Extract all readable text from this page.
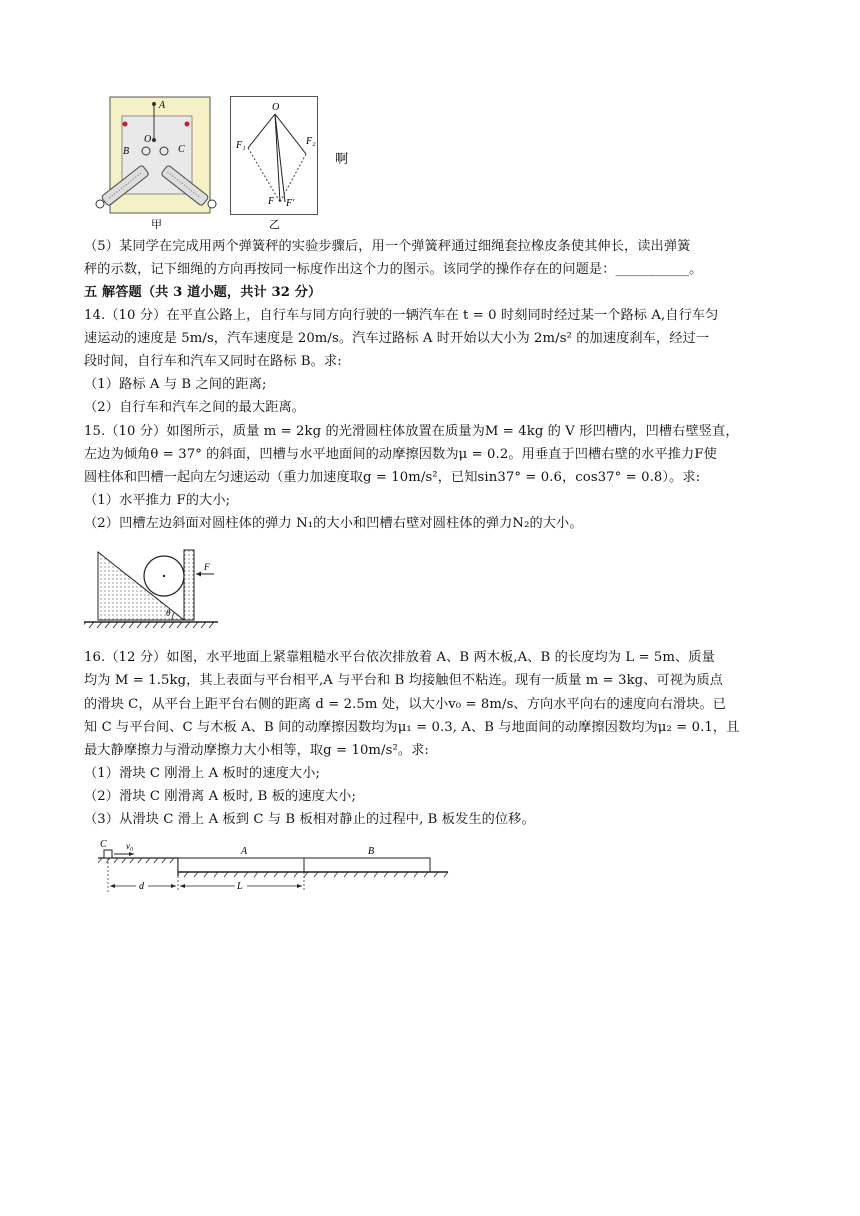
A
O
B	C
甲
O
F₁	F₂
F F′
乙
啊
（5）某同学在完成用两个弹簧秤的实验步骤后，用一个弹簧秤通过细绳套拉橡皮条使其伸长，读出弹簧
秤的示数，记下细绳的方向再按同一标度作出这个力的图示。该同学的操作存在的问题是：___________。
五 解答题（共 3 道小题，共计 32 分）
14.（10 分）在平直公路上，自行车与同方向行驶的一辆汽车在 t = 0 时刻同时经过某一个路标 A,自行车匀
速运动的速度是 5m/s，汽车速度是 20m/s。汽车过路标 A 时开始以大小为 2m/s² 的加速度刹车，经过一
段时间，自行车和汽车又同时在路标 B。求:
（1）路标 A 与 B 之间的距离;
（2）自行车和汽车之间的最大距离。
15.（10 分）如图所示，质量 m = 2kg 的光滑圆柱体放置在质量为M = 4kg 的 V 形凹槽内，凹槽右壁竖直，
左边为倾角θ = 37° 的斜面，凹槽与水平地面间的动摩擦因数为μ = 0.2。用垂直于凹槽右壁的水平推力F使
圆柱体和凹槽一起向左匀速运动（重力加速度取g = 10m/s²，已知sin37° = 0.6，cos37° = 0.8）。求:
（1）水平推力 F的大小;
（2）凹槽左边斜面对圆柱体的弹力 N₁的大小和凹槽右壁对圆柱体的弹力N₂的大小。
F
θ
16.（12 分）如图，水平地面上紧靠粗糙水平台依次排放着 A、B 两木板,A、B 的长度均为 L = 5m、质量
均为 M = 1.5kg，其上表面与平台相平,A 与平台和 B 均接触但不粘连。现有一质量 m = 3kg、可视为质点
的滑块 C，从平台上距平台右侧的距离 d = 2.5m 处，以大小v₀ = 8m/s、方向水平向右的速度向右滑块。已
知 C 与平台间、C 与木板 A、B 间的动摩擦因数均为μ₁ = 0.3, A、B 与地面间的动摩擦因数均为μ₂ = 0.1，且
最大静摩擦力与滑动摩擦力大小相等，取g = 10m/s²。求:
（1）滑块 C 刚滑上 A 板时的速度大小;
（2）滑块 C 刚滑离 A 板时, B 板的速度大小;
（3）从滑块 C 滑上 A 板到 C 与 B 板相对静止的过程中, B 板发生的位移。
C v₀	A	B
d	L
